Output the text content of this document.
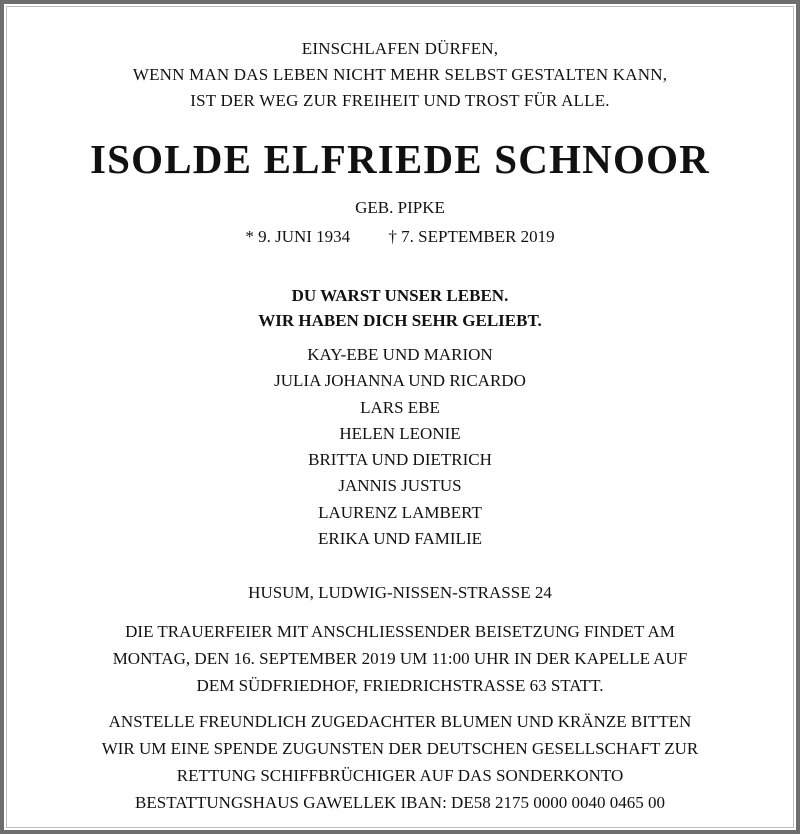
EINSCHLAFEN DÜRFEN,
WENN MAN DAS LEBEN NICHT MEHR SELBST GESTALTEN KANN,
IST DER WEG ZUR FREIHEIT UND TROST FÜR ALLE.
ISOLDE ELFRIEDE SCHNOOR
GEB. PIPKE
* 9. JUNI 1934 † 7. SEPTEMBER 2019
DU WARST UNSER LEBEN.
WIR HABEN DICH SEHR GELIEBT.
KAY-EBE UND MARION
JULIA JOHANNA UND RICARDO
LARS EBE
HELEN LEONIE
BRITTA UND DIETRICH
JANNIS JUSTUS
LAURENZ LAMBERT
ERIKA UND FAMILIE
HUSUM, LUDWIG-NISSEN-STRASSE 24
DIE TRAUERFEIER MIT ANSCHLIESSENDER BEISETZUNG FINDET AM
MONTAG, DEN 16. SEPTEMBER 2019 UM 11:00 UHR IN DER KAPELLE AUF
DEM SÜDFRIEDHOF, FRIEDRICHSTRASSE 63 STATT.
ANSTELLE FREUNDLICH ZUGEDACHTER BLUMEN UND KRÄNZE BITTEN
WIR UM EINE SPENDE ZUGUNSTEN DER DEUTSCHEN GESELLSCHAFT ZUR
RETTUNG SCHIFFBRÜCHIGER AUF DAS SONDERKONTO
BESTATTUNGSHAUS GAWELLEK IBAN: DE58 2175 0000 0040 0465 00
